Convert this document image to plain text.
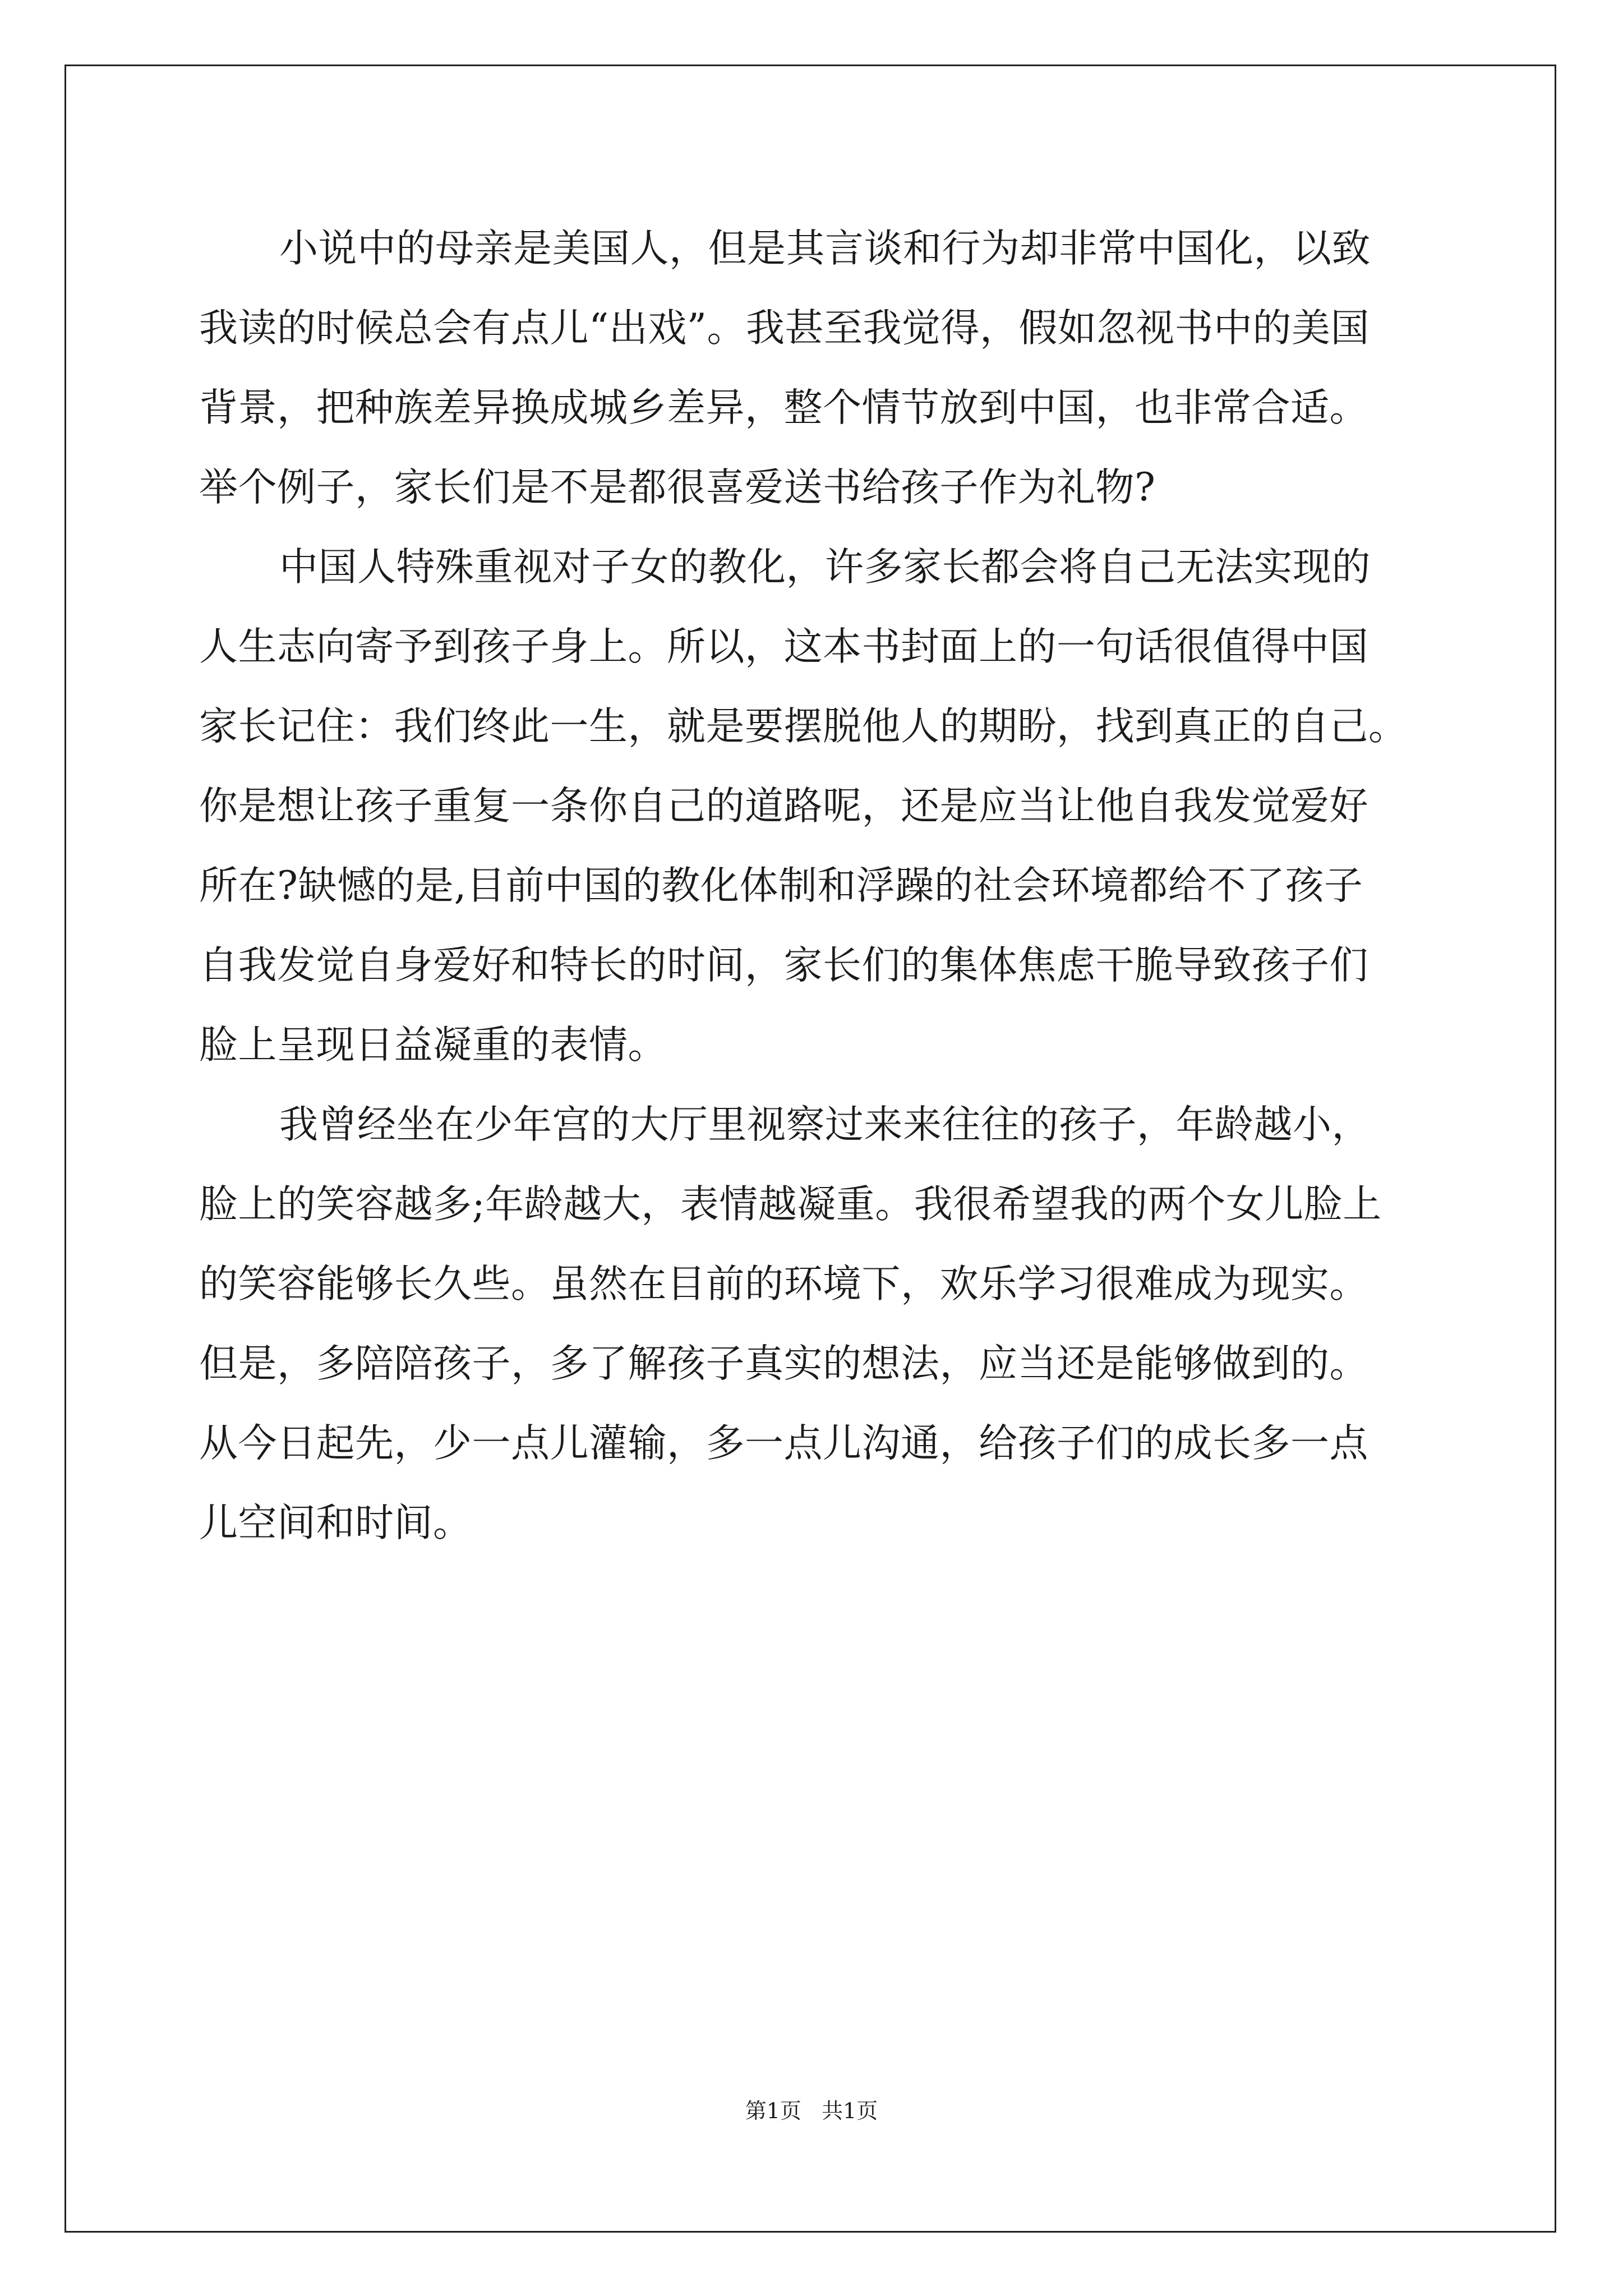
小说中的母亲是美国人，但是其言谈和行为却非常中国化，以致
我读的时候总会有点儿“出戏”。我甚至我觉得，假如忽视书中的美国
背景，把种族差异换成城乡差异，整个情节放到中国，也非常合适。
举个例子，家长们是不是都很喜爱送书给孩子作为礼物?
中国人特殊重视对子女的教化，许多家长都会将自己无法实现的
人生志向寄予到孩子身上。所以，这本书封面上的一句话很值得中国
家长记住：我们终此一生，就是要摆脱他人的期盼，找到真正的自己。
你是想让孩子重复一条你自己的道路呢，还是应当让他自我发觉爱好
所在?缺憾的是,目前中国的教化体制和浮躁的社会环境都给不了孩子
自我发觉自身爱好和特长的时间，家长们的集体焦虑干脆导致孩子们
脸上呈现日益凝重的表情。
我曾经坐在少年宫的大厅里视察过来来往往的孩子，年龄越小，
脸上的笑容越多;年龄越大，表情越凝重。我很希望我的两个女儿脸上
的笑容能够长久些。虽然在目前的环境下，欢乐学习很难成为现实。
但是，多陪陪孩子，多了解孩子真实的想法，应当还是能够做到的。
从今日起先，少一点儿灌输，多一点儿沟通，给孩子们的成长多一点
儿空间和时间。
第1页   共1页
